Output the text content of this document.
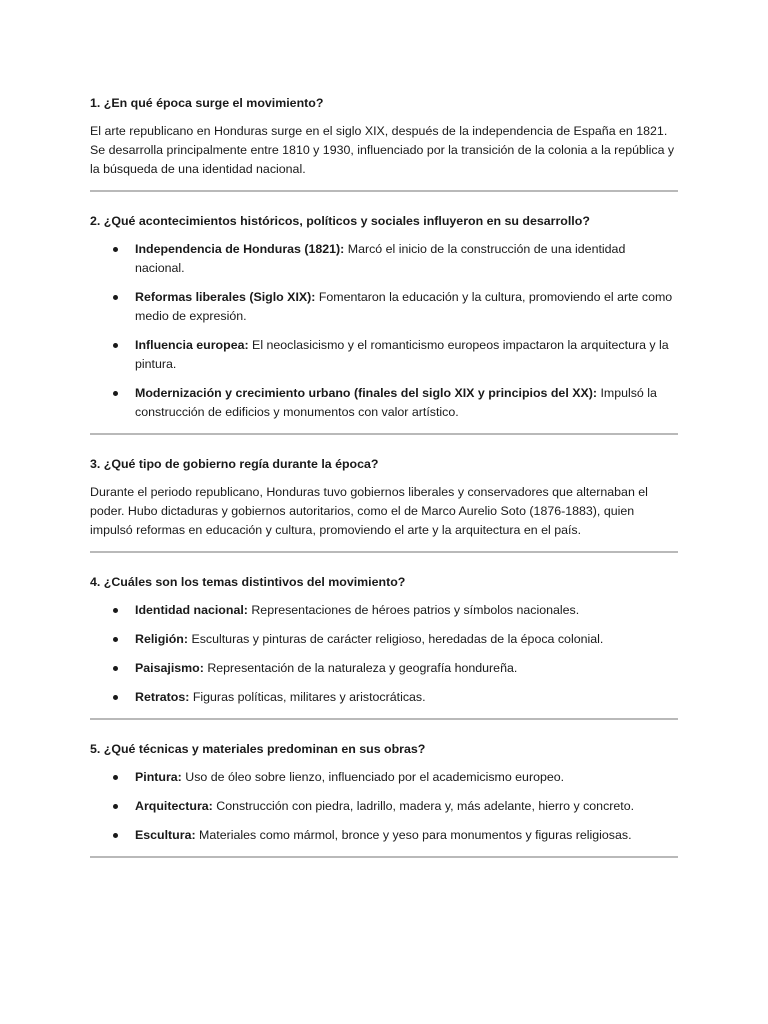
1. ¿En qué época surge el movimiento?

El arte republicano en Honduras surge en el siglo XIX, después de la independencia de España en 1821. Se desarrolla principalmente entre 1810 y 1930, influenciado por la transición de la colonia a la república y la búsqueda de una identidad nacional.

2. ¿Qué acontecimientos históricos, políticos y sociales influyeron en su desarrollo?

Independencia de Honduras (1821): Marcó el inicio de la construcción de una identidad nacional.
Reformas liberales (Siglo XIX): Fomentaron la educación y la cultura, promoviendo el arte como medio de expresión.
Influencia europea: El neoclasicismo y el romanticismo europeos impactaron la arquitectura y la pintura.
Modernización y crecimiento urbano (finales del siglo XIX y principios del XX): Impulsó la construcción de edificios y monumentos con valor artístico.

3. ¿Qué tipo de gobierno regía durante la época?

Durante el periodo republicano, Honduras tuvo gobiernos liberales y conservadores que alternaban el poder. Hubo dictaduras y gobiernos autoritarios, como el de Marco Aurelio Soto (1876-1883), quien impulsó reformas en educación y cultura, promoviendo el arte y la arquitectura en el país.

4. ¿Cuáles son los temas distintivos del movimiento?

Identidad nacional: Representaciones de héroes patrios y símbolos nacionales.
Religión: Esculturas y pinturas de carácter religioso, heredadas de la época colonial.
Paisajismo: Representación de la naturaleza y geografía hondureña.
Retratos: Figuras políticas, militares y aristocráticas.

5. ¿Qué técnicas y materiales predominan en sus obras?

Pintura: Uso de óleo sobre lienzo, influenciado por el academicismo europeo.
Arquitectura: Construcción con piedra, ladrillo, madera y, más adelante, hierro y concreto.
Escultura: Materiales como mármol, bronce y yeso para monumentos y figuras religiosas.
